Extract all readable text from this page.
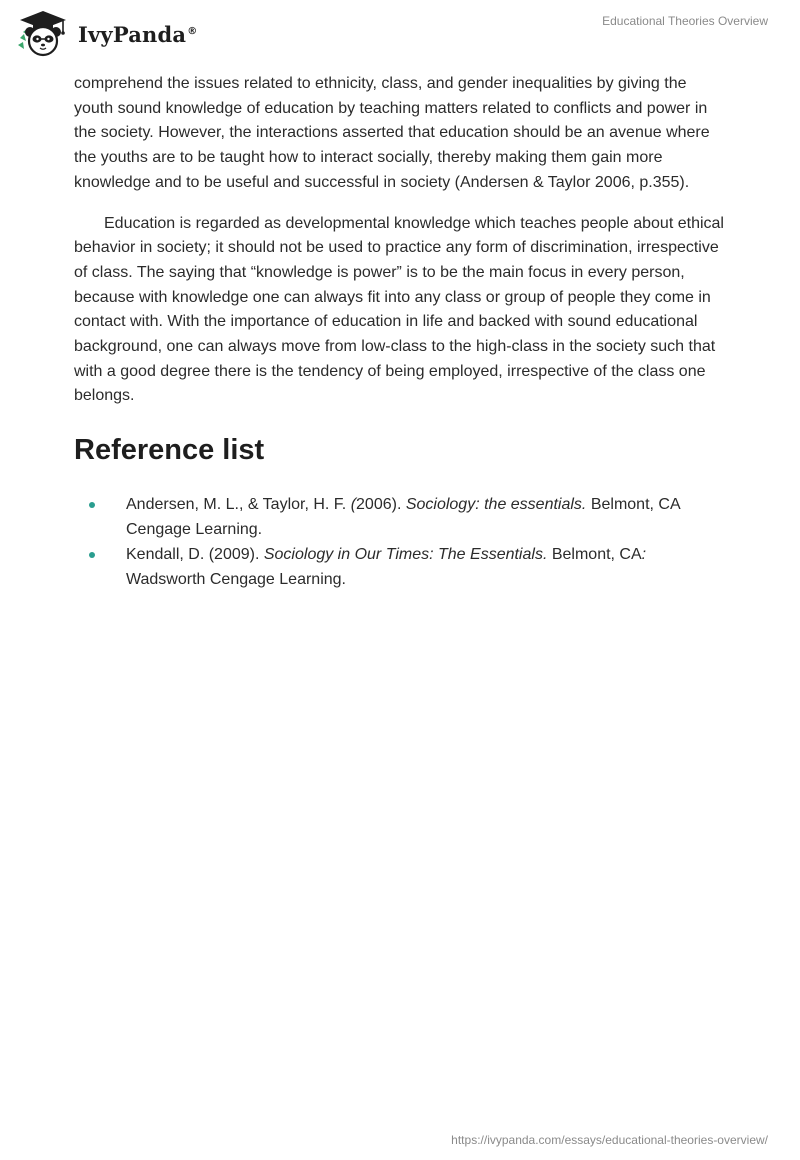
IvyPanda®
Educational Theories Overview

comprehend the issues related to ethnicity, class, and gender inequalities by giving the youth sound knowledge of education by teaching matters related to conflicts and power in the society. However, the interactions asserted that education should be an avenue where the youths are to be taught how to interact socially, thereby making them gain more knowledge and to be useful and successful in society (Andersen & Taylor 2006, p.355).

Education is regarded as developmental knowledge which teaches people about ethical behavior in society; it should not be used to practice any form of discrimination, irrespective of class. The saying that “knowledge is power” is to be the main focus in every person, because with knowledge one can always fit into any class or group of people they come in contact with. With the importance of education in life and backed with sound educational background, one can always move from low-class to the high-class in the society such that with a good degree there is the tendency of being employed, irrespective of the class one belongs.

Reference list
Andersen, M. L., & Taylor, H. F. (2006). Sociology: the essentials. Belmont, CA Cengage Learning.
Kendall, D. (2009). Sociology in Our Times: The Essentials. Belmont, CA: Wadsworth Cengage Learning.
https://ivypanda.com/essays/educational-theories-overview/
